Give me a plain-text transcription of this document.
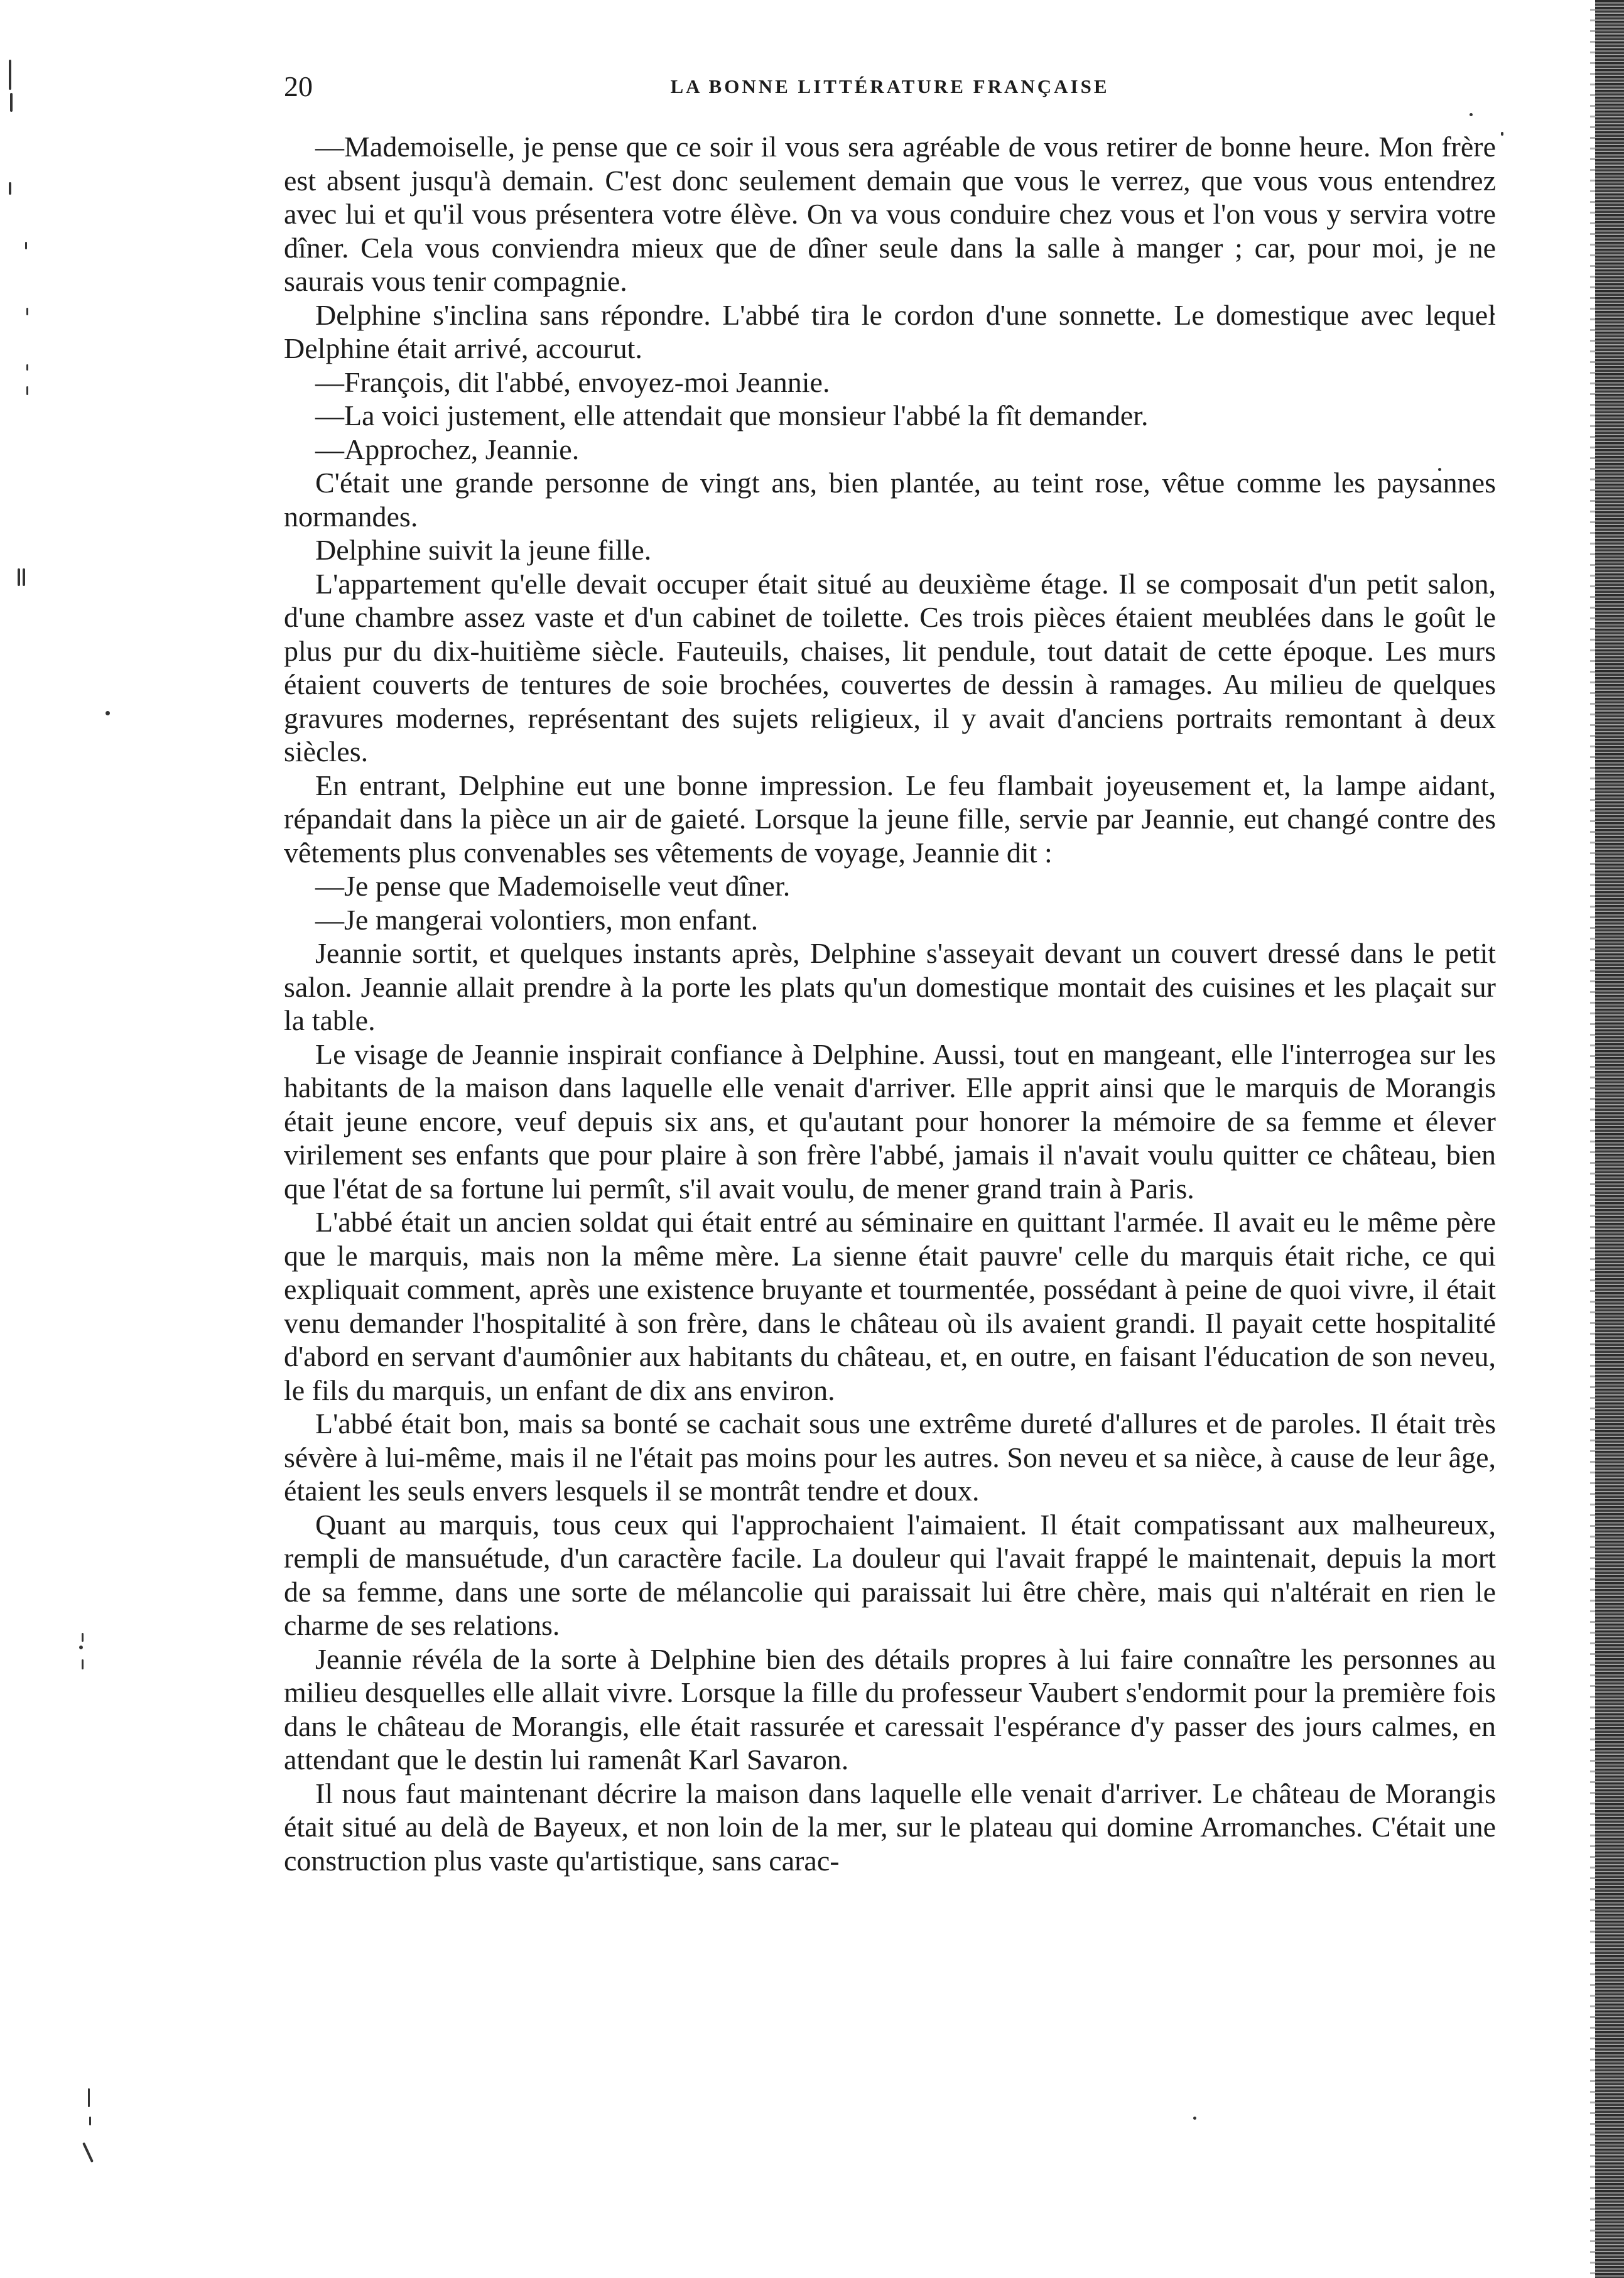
20	LA BONNE LITTÉRATURE FRANÇAISE

—Mademoiselle, je pense que ce soir il vous sera agréable de vous retirer de bonne heure. Mon frère est absent jusqu'à demain. C'est donc seulement demain que vous le verrez, que vous vous entendrez avec lui et qu'il vous présentera votre élève. On va vous conduire chez vous et l'on vous y servira votre dîner. Cela vous conviendra mieux que de dîner seule dans la salle à manger ; car, pour moi, je ne saurais vous tenir compagnie.

Delphine s'inclina sans répondre. L'abbé tira le cordon d'une sonnette. Le domestique avec lequel Delphine était arrivé, accourut.

—François, dit l'abbé, envoyez-moi Jeannie.

—La voici justement, elle attendait que monsieur l'abbé la fît demander.

—Approchez, Jeannie.

C'était une grande personne de vingt ans, bien plantée, au teint rose, vêtue comme les paysannes normandes.

Delphine suivit la jeune fille.

L'appartement qu'elle devait occuper était situé au deuxième étage. Il se composait d'un petit salon, d'une chambre assez vaste et d'un cabinet de toilette. Ces trois pièces étaient meublées dans le goût le plus pur du dix-huitième siècle. Fauteuils, chaises, lit pendule, tout datait de cette époque. Les murs étaient couverts de tentures de soie brochées, couvertes de dessin à ramages. Au milieu de quelques gravures modernes, représentant des sujets religieux, il y avait d'anciens portraits remontant à deux siècles.

En entrant, Delphine eut une bonne impression. Le feu flambait joyeusement et, la lampe aidant, répandait dans la pièce un air de gaieté. Lorsque la jeune fille, servie par Jeannie, eut changé contre des vêtements plus convenables ses vêtements de voyage, Jeannie dit :

—Je pense que Mademoiselle veut dîner.

—Je mangerai volontiers, mon enfant.

Jeannie sortit, et quelques instants après, Delphine s'asseyait devant un couvert dressé dans le petit salon. Jeannie allait prendre à la porte les plats qu'un domestique montait des cuisines et les plaçait sur la table.

Le visage de Jeannie inspirait confiance à Delphine. Aussi, tout en mangeant, elle l'interrogea sur les habitants de la maison dans laquelle elle venait d'arriver. Elle apprit ainsi que le marquis de Morangis était jeune encore, veuf depuis six ans, et qu'autant pour honorer la mémoire de sa femme et élever virilement ses enfants que pour plaire à son frère l'abbé, jamais il n'avait voulu quitter ce château, bien que l'état de sa fortune lui permît, s'il avait voulu, de mener grand train à Paris.

L'abbé était un ancien soldat qui était entré au séminaire en quittant l'armée. Il avait eu le même père que le marquis, mais non la même mère. La sienne était pauvre' celle du marquis était riche, ce qui expliquait comment, après une existence bruyante et tourmentée, possédant à peine de quoi vivre, il était venu demander l'hospitalité à son frère, dans le château où ils avaient grandi. Il payait cette hospitalité d'abord en servant d'aumônier aux habitants du château, et, en outre, en faisant l'éducation de son neveu, le fils du marquis, un enfant de dix ans environ.

L'abbé était bon, mais sa bonté se cachait sous une extrême dureté d'allures et de paroles. Il était très sévère à lui-même, mais il ne l'était pas moins pour les autres. Son neveu et sa nièce, à cause de leur âge, étaient les seuls envers lesquels il se montrât tendre et doux.

Quant au marquis, tous ceux qui l'approchaient l'aimaient. Il était compatissant aux malheureux, rempli de mansuétude, d'un caractère facile. La douleur qui l'avait frappé le maintenait, depuis la mort de sa femme, dans une sorte de mélancolie qui paraissait lui être chère, mais qui n'altérait en rien le charme de ses relations.

Jeannie révéla de la sorte à Delphine bien des détails propres à lui faire connaître les personnes au milieu desquelles elle allait vivre. Lorsque la fille du professeur Vaubert s'endormit pour la première fois dans le château de Morangis, elle était rassurée et caressait l'espérance d'y passer des jours calmes, en attendant que le destin lui ramenât Karl Savaron.

Il nous faut maintenant décrire la maison dans laquelle elle venait d'arriver. Le château de Morangis était situé au delà de Bayeux, et non loin de la mer, sur le plateau qui domine Arromanches. C'était une construction plus vaste qu'artistique, sans carac-
